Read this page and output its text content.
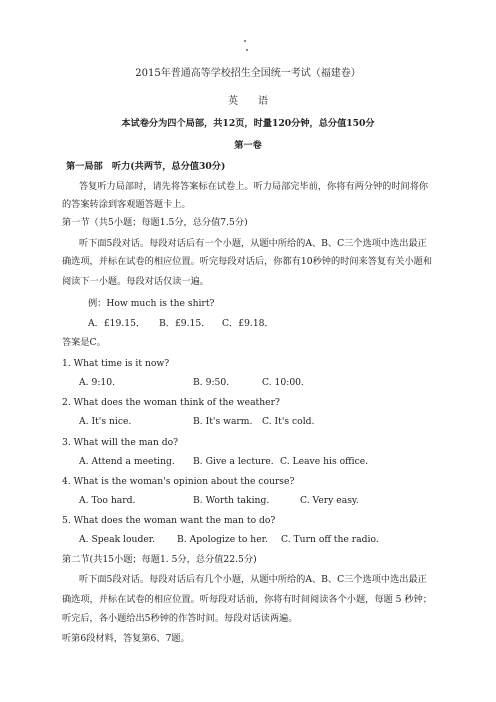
2015年普通高等学校招生全国统一考试（福建卷）
英　　语
本试卷分为四个局部，共12页，时量120分钟，总分值150分
第一卷
第一局部　听力(共两节，总分值30分)
答复听力局部时，请先将答案标在试卷上。听力局部完毕前，你将有两分钟的时间将你
的答案转涂到客观题答题卡上。
第一节（共5小题；每题1.5分，总分值7.5分)
听下面5段对话。每段对话后有一个小题，从题中所给的A、B、C三个选项中选出最正
确选项，并标在试卷的相应位置。听完每段对话后，你都有10秒钟的时间来答复有关小题和
阅读下一小题。每段对话仅读一遍。
例：How much is the shirt?
A．£19.15． B．£9.15． C．£9.18．
答案是C。
1. What time is it now?
A. 9:10.	B. 9:50.	C. 10:00.
2. What does the woman think of the weather?
A. It's nice.	B. It's warm. C. It's cold.
3. What will the man do?
A. Attend a meeting. B. Give a lecture. C. Leave his office.
4. What is the woman's opinion about the course?
A. Too hard.	B. Worth taking.	C. Very easy.
5. What does the woman want the man to do?
A. Speak louder. B. Apologize to her. C. Turn off the radio.
第二节(共15小题；每题1. 5分，总分值22.5分)
听下面5段对话。每段对话后有几个小题，从题中所给的A、B、C三个选项中选出最正
确选项，并标在试卷的相应位置。听每段对话前，你将有时间阅读各个小题，每题 5 秒钟；
听完后，各小题给出5秒钟的作答时间。每段对话读两遍。
听第6段材料，答复第6、7题。
